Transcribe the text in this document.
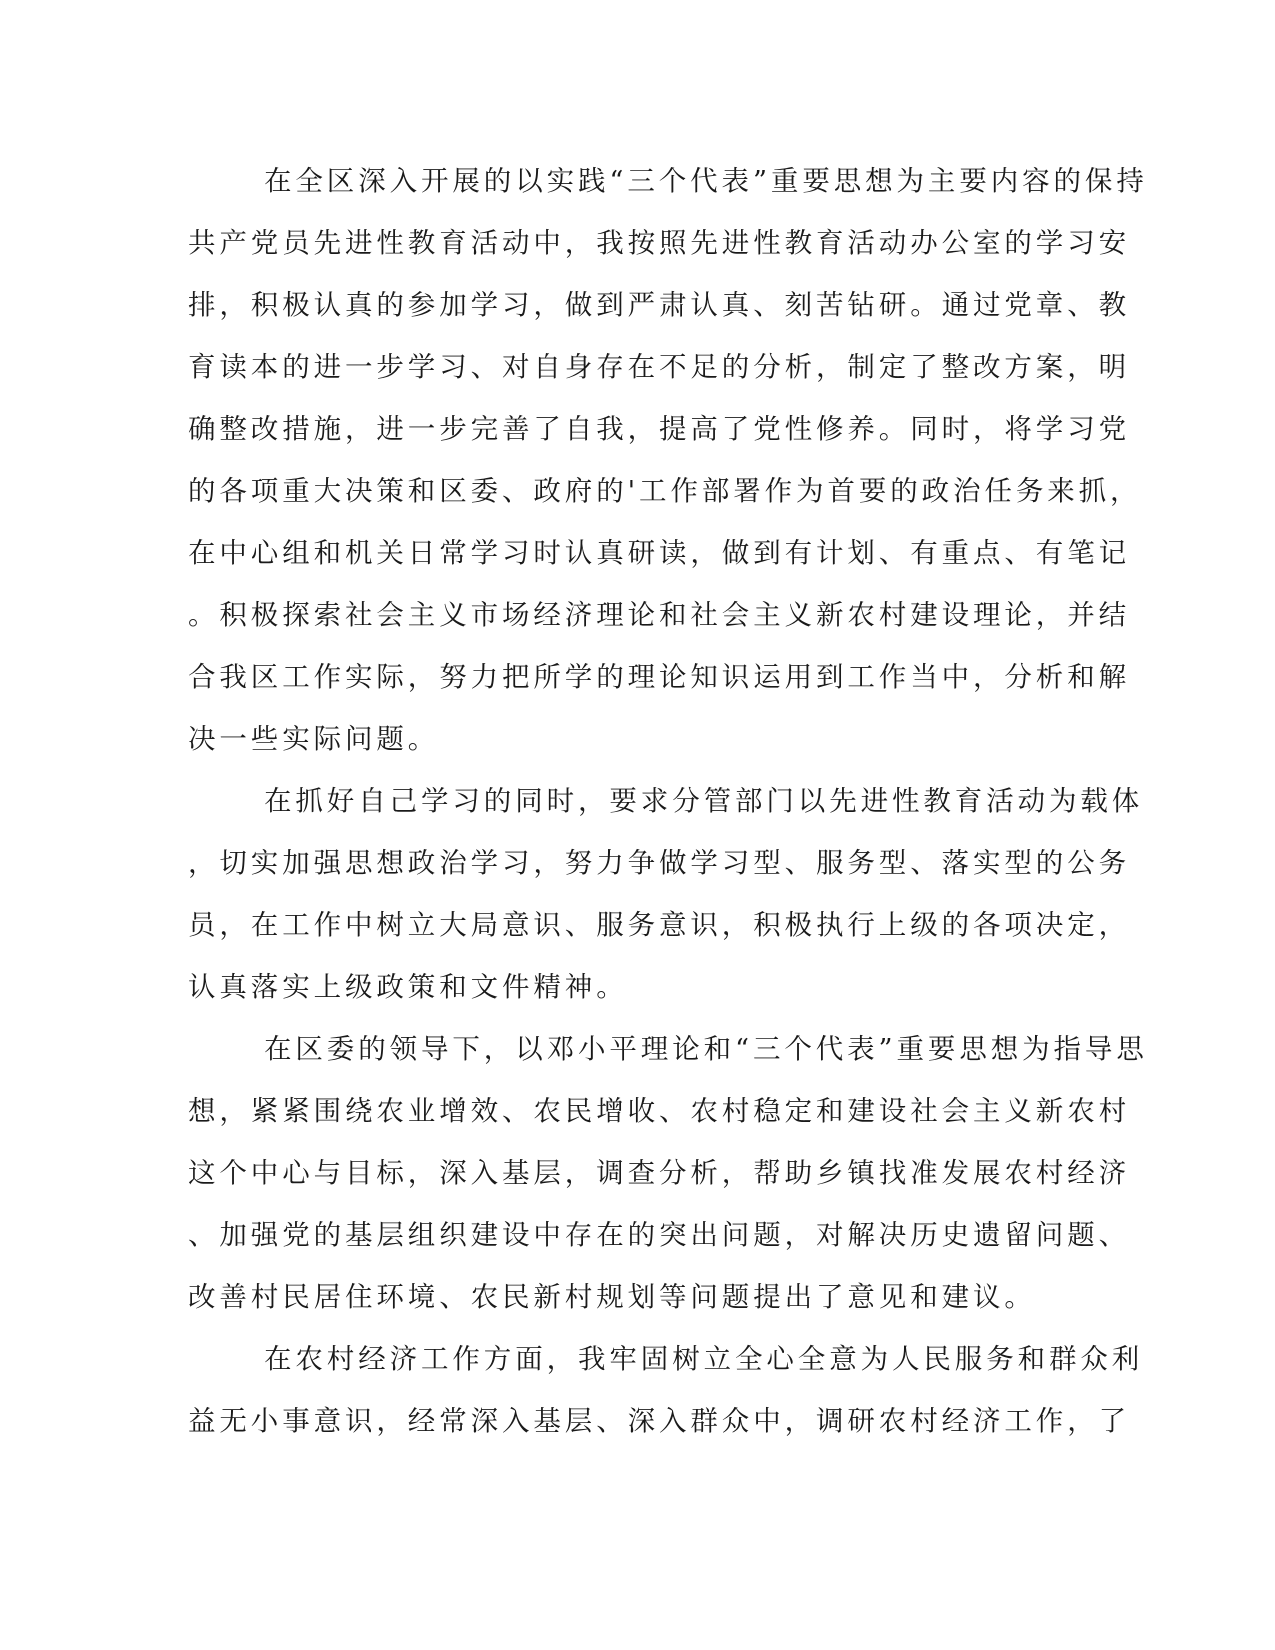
在全区深入开展的以实践“三个代表”重要思想为主要内容的保持
共产党员先进性教育活动中，我按照先进性教育活动办公室的学习安
排，积极认真的参加学习，做到严肃认真、刻苦钻研。通过党章、教
育读本的进一步学习、对自身存在不足的分析，制定了整改方案，明
确整改措施，进一步完善了自我，提高了党性修养。同时，将学习党
的各项重大决策和区委、政府的'工作部署作为首要的政治任务来抓，
在中心组和机关日常学习时认真研读，做到有计划、有重点、有笔记
。积极探索社会主义市场经济理论和社会主义新农村建设理论，并结
合我区工作实际，努力把所学的理论知识运用到工作当中，分析和解
决一些实际问题。
在抓好自己学习的同时，要求分管部门以先进性教育活动为载体
，切实加强思想政治学习，努力争做学习型、服务型、落实型的公务
员，在工作中树立大局意识、服务意识，积极执行上级的各项决定，
认真落实上级政策和文件精神。
在区委的领导下，以邓小平理论和“三个代表”重要思想为指导思
想，紧紧围绕农业增效、农民增收、农村稳定和建设社会主义新农村
这个中心与目标，深入基层，调查分析，帮助乡镇找准发展农村经济
、加强党的基层组织建设中存在的突出问题，对解决历史遗留问题、
改善村民居住环境、农民新村规划等问题提出了意见和建议。
在农村经济工作方面，我牢固树立全心全意为人民服务和群众利
益无小事意识，经常深入基层、深入群众中，调研农村经济工作，了
